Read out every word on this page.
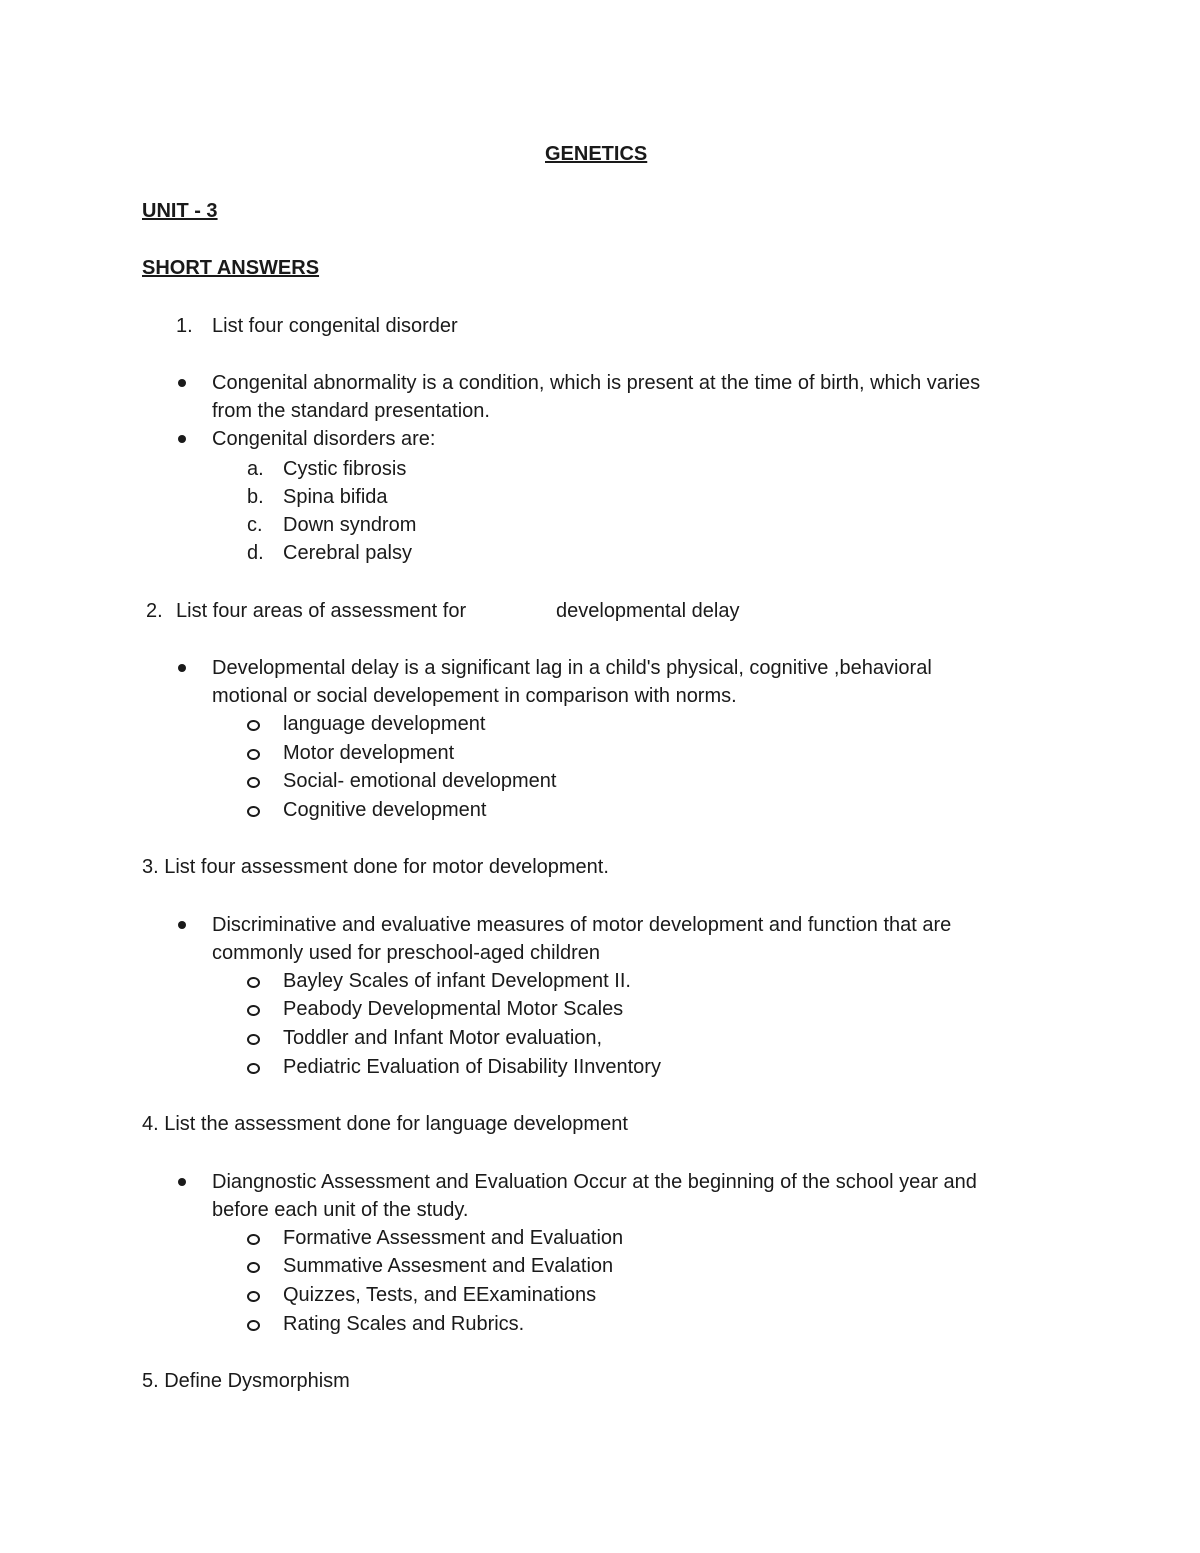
GENETICS
UNIT - 3
SHORT ANSWERS
1. List four congenital disorder
Congenital abnormality is a condition, which is present at the time of birth, which varies
from the standard presentation.
Congenital disorders are:
a. Cystic fibrosis
b. Spina bifida
c. Down syndrom
d. Cerebral palsy
2. List four areas of assessment for	developmental delay
Developmental delay is a significant lag in a child's physical, cognitive ,behavioral
motional or social developement in comparison with norms.
language development
Motor development
Social- emotional development
Cognitive development
3. List four assessment done for motor development.
Discriminative and evaluative measures of motor development and function that are
commonly used for preschool-aged children
Bayley Scales of infant Development II.
Peabody Developmental Motor Scales
Toddler and Infant Motor evaluation,
Pediatric Evaluation of Disability IInventory
4. List the assessment done for language development
Diangnostic Assessment and Evaluation Occur at the beginning of the school year and
before each unit of the study.
Formative Assessment and Evaluation
Summative Assesment and Evalation
Quizzes, Tests, and EExaminations
Rating Scales and Rubrics.
5. Define Dysmorphism
